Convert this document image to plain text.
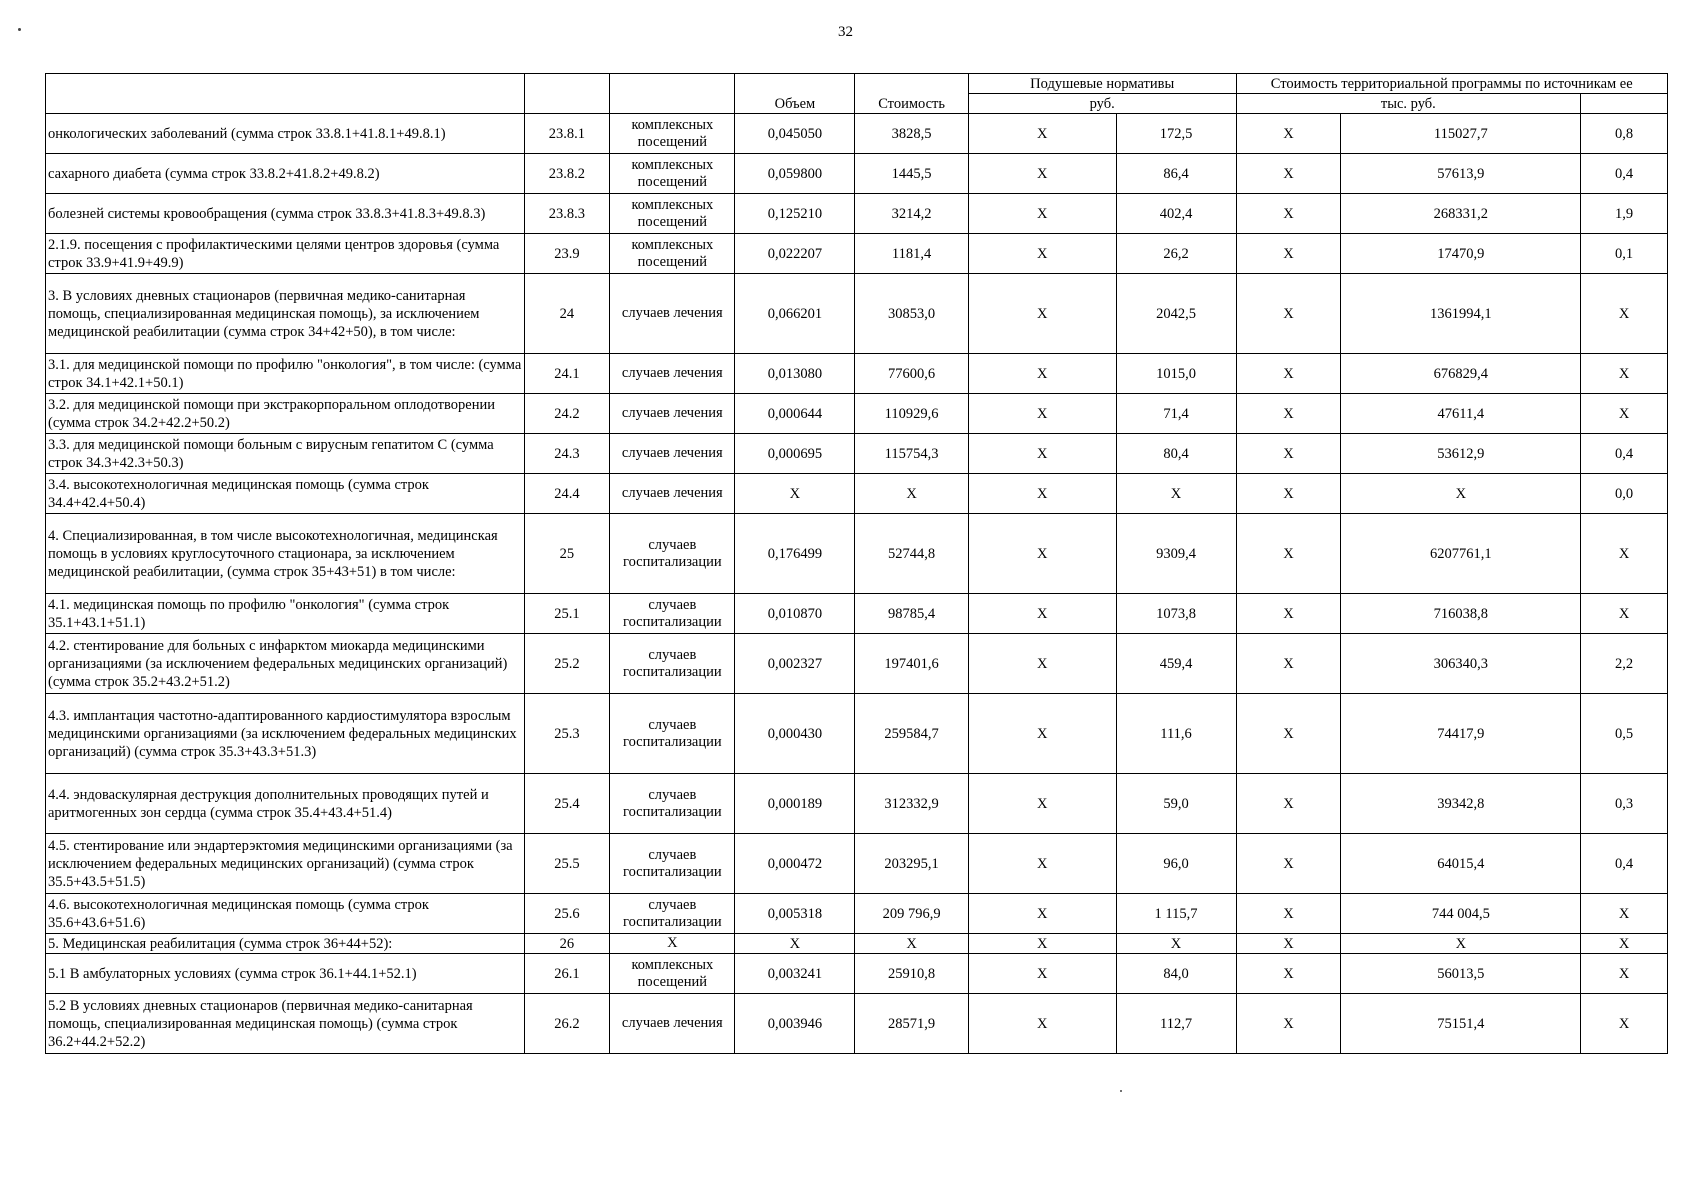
32
			Объем	Стоимость	Подушевые нормативы		Стоимость территориальной программы по источникам ее		
					руб.		тыс. руб.		
онкологических заболеваний (сумма строк 33.8.1+41.8.1+49.8.1)	23.8.1	комплексных посещений	0,045050	3828,5	X	172,5	X	115027,7	0,8
сахарного диабета (сумма строк 33.8.2+41.8.2+49.8.2)	23.8.2	комплексных посещений	0,059800	1445,5	X	86,4	X	57613,9	0,4
болезней системы кровообращения (сумма строк 33.8.3+41.8.3+49.8.3)	23.8.3	комплексных посещений	0,125210	3214,2	X	402,4	X	268331,2	1,9
2.1.9. посещения с профилактическими целями центров здоровья (сумма строк 33.9+41.9+49.9)	23.9	комплексных посещений	0,022207	1181,4	X	26,2	X	17470,9	0,1
3. В условиях дневных стационаров (первичная медико-санитарная помощь, специализированная медицинская помощь), за исключением медицинской реабилитации (сумма строк 34+42+50), в том числе:	24	случаев лечения	0,066201	30853,0	X	2042,5	X	1361994,1	X
3.1. для медицинской помощи по профилю "онкология", в том числе: (сумма строк 34.1+42.1+50.1)	24.1	случаев лечения	0,013080	77600,6	X	1015,0	X	676829,4	X
3.2. для медицинской помощи при экстракорпоральном оплодотворении (сумма строк 34.2+42.2+50.2)	24.2	случаев лечения	0,000644	110929,6	X	71,4	X	47611,4	X
3.3. для медицинской помощи больным с вирусным гепатитом С (сумма строк 34.3+42.3+50.3)	24.3	случаев лечения	0,000695	115754,3	X	80,4	X	53612,9	0,4
3.4. высокотехнологичная медицинская помощь (сумма строк 34.4+42.4+50.4)	24.4	случаев лечения	X	X	X	X	X	X	0,0
4. Специализированная, в том числе высокотехнологичная, медицинская помощь в условиях круглосуточного стационара, за исключением медицинской реабилитации, (сумма строк 35+43+51) в том числе:	25	случаев госпитализации	0,176499	52744,8	X	9309,4	X	6207761,1	X
4.1. медицинская помощь по профилю "онкология" (сумма строк 35.1+43.1+51.1)	25.1	случаев госпитализации	0,010870	98785,4	X	1073,8	X	716038,8	X
4.2. стентирование для больных с инфарктом миокарда медицинскими организациями (за исключением федеральных медицинских организаций) (сумма строк 35.2+43.2+51.2)	25.2	случаев госпитализации	0,002327	197401,6	X	459,4	X	306340,3	2,2
4.3. имплантация частотно-адаптированного кардиостимулятора взрослым медицинскими организациями (за исключением федеральных медицинских организаций) (сумма строк 35.3+43.3+51.3)	25.3	случаев госпитализации	0,000430	259584,7	X	111,6	X	74417,9	0,5
4.4. эндоваскулярная деструкция дополнительных проводящих путей и аритмогенных зон сердца (сумма строк 35.4+43.4+51.4)	25.4	случаев госпитализации	0,000189	312332,9	X	59,0	X	39342,8	0,3
4.5. стентирование или эндартерэктомия медицинскими организациями (за исключением федеральных медицинских организаций) (сумма строк 35.5+43.5+51.5)	25.5	случаев госпитализации	0,000472	203295,1	X	96,0	X	64015,4	0,4
4.6. высокотехнологичная медицинская помощь (сумма строк 35.6+43.6+51.6)	25.6	случаев госпитализации	0,005318	209 796,9	X	1 115,7	X	744 004,5	X
5. Медицинская реабилитация (сумма строк 36+44+52):	26	X	X	X	X	X	X	X	X
5.1 В амбулаторных условиях (сумма строк 36.1+44.1+52.1)	26.1	комплексных посещений	0,003241	25910,8	X	84,0	X	56013,5	X
5.2 В условиях дневных стационаров (первичная медико-санитарная помощь, специализированная медицинская помощь) (сумма строк 36.2+44.2+52.2)	26.2	случаев лечения	0,003946	28571,9	X	112,7	X	75151,4	X
